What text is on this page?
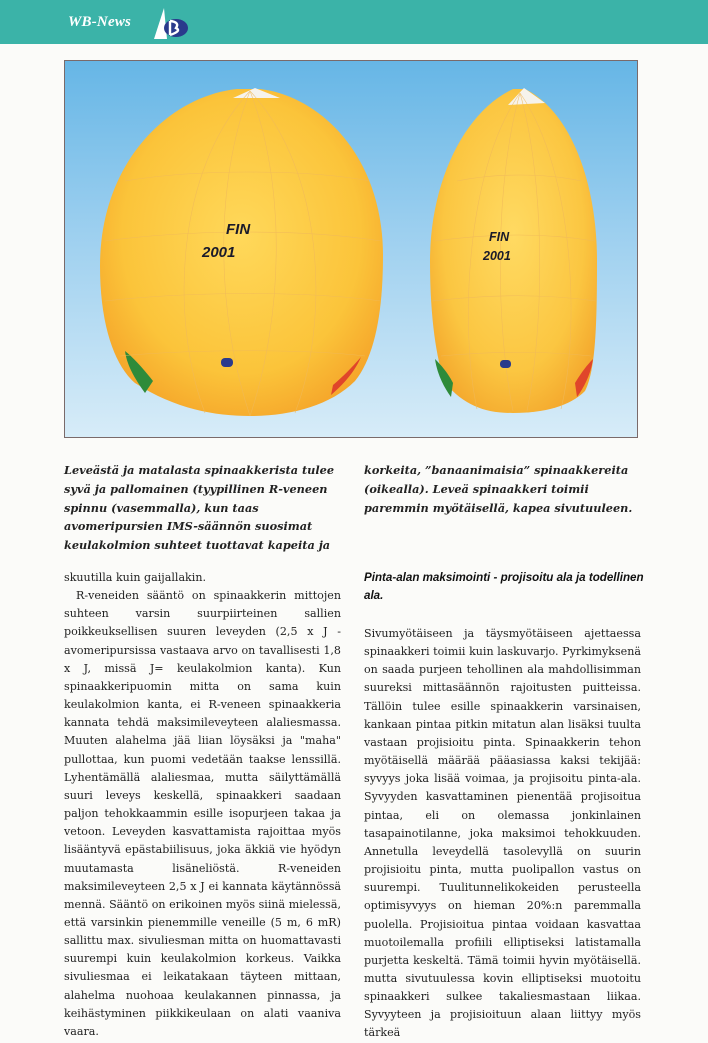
WB-News
FIN
2001
FIN
2001
Leveästä ja matalasta spinaakkerista tulee syvä ja pallomainen (tyypillinen R-veneen spinnu (vasemmalla), kun taas avomeripursien IMS-säännön suosimat keulakolmion suhteet tuottavat kapeita ja
korkeita, ”banaanimaisia” spinaakkereita (oikealla). Leveä spinaakkeri toimii paremmin myötäisellä, kapea sivutuuleen.

skuutilla kuin gaijallakin.

R-veneiden sääntö on spinaakkerin mittojen suhteen varsin suurpiirteinen sallien poikkeuksellisen suuren leveyden (2,5 x J - avomeripursissa vastaava arvo on tavallisesti 1,8 x J, missä J= keulakolmion kanta). Kun spinaakkeripuomin mitta on sama kuin keulakolmion kanta, ei R-veneen spinaakkeria kannata tehdä maksimileveyteen alaliesmassa. Muuten alahelma jää liian löysäksi ja "maha" pullottaa, kun puomi vedetään taaksе lenssillä. Lyhentämällä alaliesmaa, mutta säilyttämällä suuri leveys keskellä, spinaakkeri saadaan paljon tehokkaammin esille isopurjeen takaa ja vetoon. Leveyden kasvattamista rajoittaa myös lisääntyvä epästabiilisuus, joka äkkiä vie hyödyn muutamasta lisäneliöstä. R-veneiden maksimileveyteen 2,5 x J ei kannata käytännössä mennä. Sääntö on erikoinen myös siinä mielessä, että varsinkin pienemmille veneille (5 m, 6 mR) sallittu max. sivuliesman mitta on huomattavasti suurempi kuin keulakolmion korkeus. Vaikka sivuliesmaa ei leikatakaan täyteen mittaan, alahelma nuohoaa keulakannen pinnassa, ja keihästyminen piikkikeulaan on alati vaaniva vaara.

Pinta-alan maksimointi - projisoitu ala ja todellinen ala.

Sivumyötäiseen ja täysmyötäiseen ajettaessa spinaakkeri toimii kuin laskuvarjo. Pyrkimyksenä on saada purjeen tehollinen ala mahdollisimman suureksi mittasäännön rajoitusten puitteissa. Tällöin tulee esille spinaakkerin varsinaisen, kankaan pintaa pitkin mitatun alan lisäksi tuulta vastaan projisioitu pinta. Spinaakkerin tehon myötäisellä määrää pääasiassa kaksi tekijää: syvyys joka lisää voimaa, ja projisoitu pinta-ala. Syvyyden kasvattaminen pienentää projisoitua pintaa, eli on olemassa jonkinlainen tasapainotilanne, joka maksimoi tehokkuuden. Annetulla leveydellä tasolevyllä on suurin projisioitu pinta, mutta puolipallon vastus on suurempi. Tuulitunnelikokeiden perusteella optimisyvyys on hieman 20%:n paremmalla puolella. Projisioitua pintaa voidaan kasvattaa muotoilemalla profiili elliptiseksi latistamalla purjetta keskeltä. Tämä toimii hyvin myötäisellä. mutta sivutuulessa kovin elliptiseksi muotoitu spinaakkeri sulkee takaliesmastaan liikaa. Syvyyteen ja projisioituun alaan liittyy myös tärkeä
